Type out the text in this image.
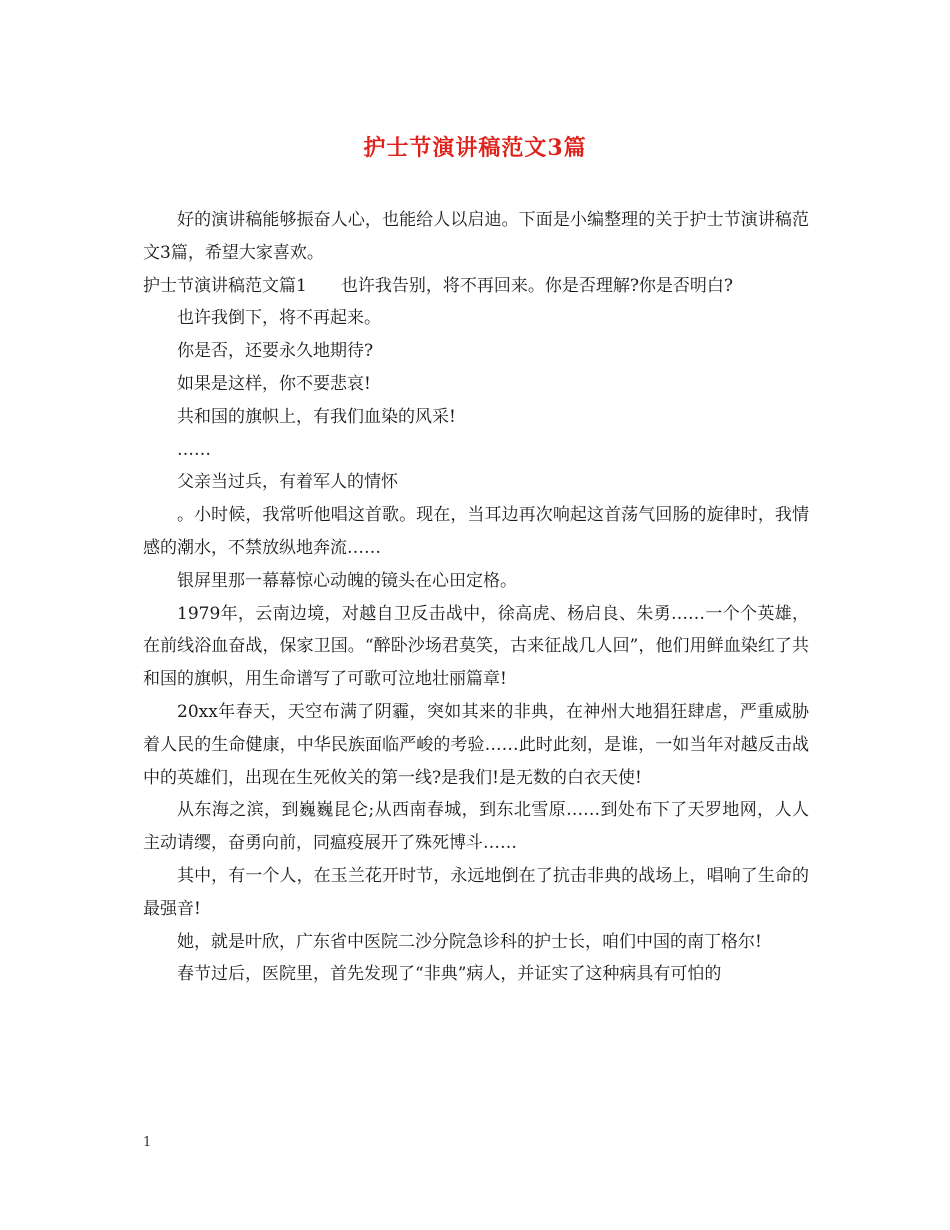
护士节演讲稿范文3篇

好的演讲稿能够振奋人心，也能给人以启迪。下面是小编整理的关于护士节演讲稿范文3篇，希望大家喜欢。

护士节演讲稿范文篇1　　也许我告别，将不再回来。你是否理解?你是否明白?

也许我倒下，将不再起来。

你是否，还要永久地期待?

如果是这样，你不要悲哀!

共和国的旗帜上，有我们血染的风采!

……

父亲当过兵，有着军人的情怀

。小时候，我常听他唱这首歌。现在，当耳边再次响起这首荡气回肠的旋律时，我情感的潮水，不禁放纵地奔流……

银屏里那一幕幕惊心动魄的镜头在心田定格。

1979年，云南边境，对越自卫反击战中，徐高虎、杨启良、朱勇……一个个英雄，在前线浴血奋战，保家卫国。“醉卧沙场君莫笑，古来征战几人回”，他们用鲜血染红了共和国的旗帜，用生命谱写了可歌可泣地壮丽篇章!

20xx年春天，天空布满了阴霾，突如其来的非典，在神州大地猖狂肆虐，严重威胁着人民的生命健康，中华民族面临严峻的考验……此时此刻，是谁，一如当年对越反击战中的英雄们，出现在生死攸关的第一线?是我们!是无数的白衣天使!

从东海之滨，到巍巍昆仑;从西南春城，到东北雪原……到处布下了天罗地网，人人主动请缨，奋勇向前，同瘟疫展开了殊死博斗……

其中，有一个人，在玉兰花开时节，永远地倒在了抗击非典的战场上，唱响了生命的最强音!

她，就是叶欣，广东省中医院二沙分院急诊科的护士长，咱们中国的南丁格尔!

春节过后，医院里，首先发现了“非典”病人，并证实了这种病具有可怕的

1
